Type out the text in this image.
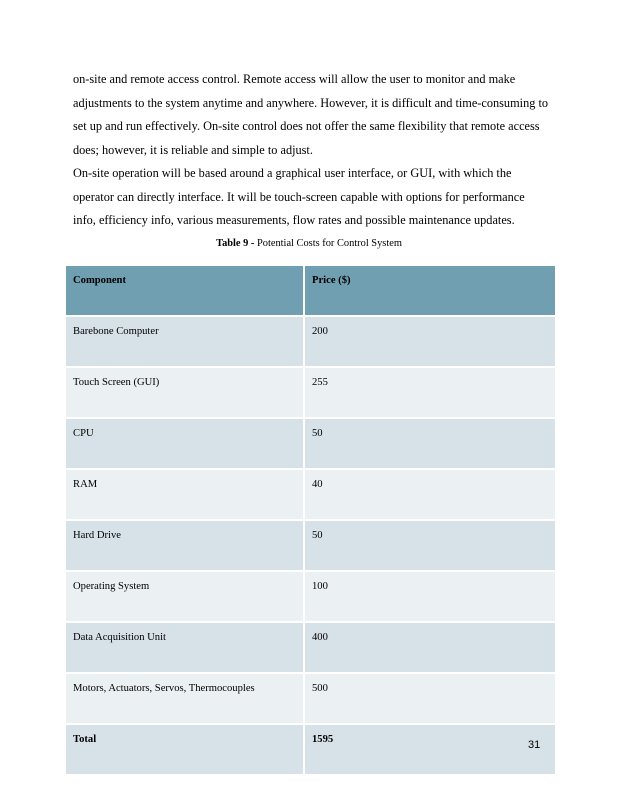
on-site and remote access control. Remote access will allow the user to monitor and make adjustments to the system anytime and anywhere. However, it is difficult and time-consuming to set up and run effectively. On-site control does not offer the same flexibility that remote access does; however, it is reliable and simple to adjust.

On-site operation will be based around a graphical user interface, or GUI, with which the operator can directly interface. It will be touch-screen capable with options for performance info, efficiency info, various measurements, flow rates and possible maintenance updates.

Table 9 - Potential Costs for Control System
Component	Price ($)
Barebone Computer	200
Touch Screen (GUI)	255
CPU	50
RAM	40
Hard Drive	50
Operating System	100
Data Acquisition Unit	400
Motors, Actuators, Servos, Thermocouples	500
Total	1595	31
